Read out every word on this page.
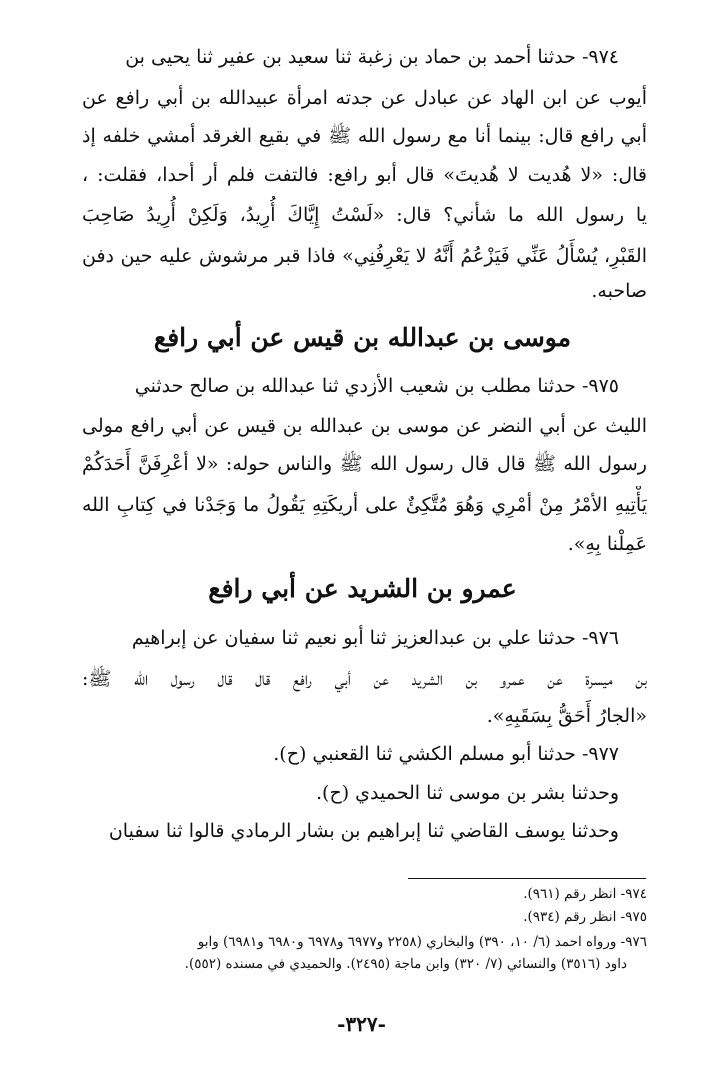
٩٧٤- حدثنا أحمد بن حماد بن زغبة ثنا سعيد بن عفير ثنا يحيى بن
أيوب عن ابن الهاد عن عبادل عن جدته امرأة عبيدالله بن أبي رافع عن
أبي رافع قال: بينما أنا مع رسول الله ﷺ في بقيع الغرقد أمشي خلفه إذ
قال: «لا هُديت لا هُديتَ» قال أبو رافع: فالتفت فلم أر أحدا، فقلت: ،
يا رسول الله ما شأني؟ قال: «لَسْتُ إِيَّاكَ أُرِيدُ، وَلَكِنْ أُرِيدُ صَاحِبَ
القَبْرِ، يُسْأَلُ عَنِّي فَيَزْعُمُ أَنَّهُ لا يَعْرِفُنِي» فاذا قبر مرشوش عليه حين دفن
صاحبه.
موسى بن عبدالله بن قيس عن أبي رافع
٩٧٥- حدثنا مطلب بن شعيب الأزدي ثنا عبدالله بن صالح حدثني
الليث عن أبي النضر عن موسى بن عبدالله بن قيس عن أبي رافع مولى
رسول الله ﷺ قال قال رسول الله ﷺ والناس حوله: «لا أعْرِفَنَّ أَحَدَكُمْ
يَأْتِيهِ الأمْرُ مِنْ أمْرِي وَهُوَ مُتَّكِئٌ على أريكَتِهِ يَقُولُ ما وَجَدْنا في كِتابِ الله
عَمِلْنا بِهِ».
عمرو بن الشريد عن أبي رافع
٩٧٦- حدثنا علي بن عبدالعزيز ثنا أبو نعيم ثنا سفيان عن إبراهيم
بن ميسرة عن عمرو بن الشريد عن أبي رافع قال قال رسول الله ﷺ:
«الجارُ أَحَقُّ بِسَقَبِهِ».
٩٧٧- حدثنا أبو مسلم الكشي ثنا القعنبي (ح).
وحدثنا بشر بن موسى ثنا الحميدي (ح).
وحدثنا يوسف القاضي ثنا إبراهيم بن بشار الرمادي قالوا ثنا سفيان
٩٧٤- انظر رقم (٩٦١).
٩٧٥- انظر رقم (٩٣٤).
٩٧٦- ورواه احمد (٦/ ١٠، ٣٩٠) والبخاري (٢٢٥٨ و٦٩٧٧ و٦٩٧٨ و٦٩٨٠ و٦٩٨١) وابو
داود (٣٥١٦) والنسائي (٧/ ٣٢٠) وابن ماجة (٢٤٩٥). والحميدي في مسنده (٥٥٢).
-٣٢٧-
